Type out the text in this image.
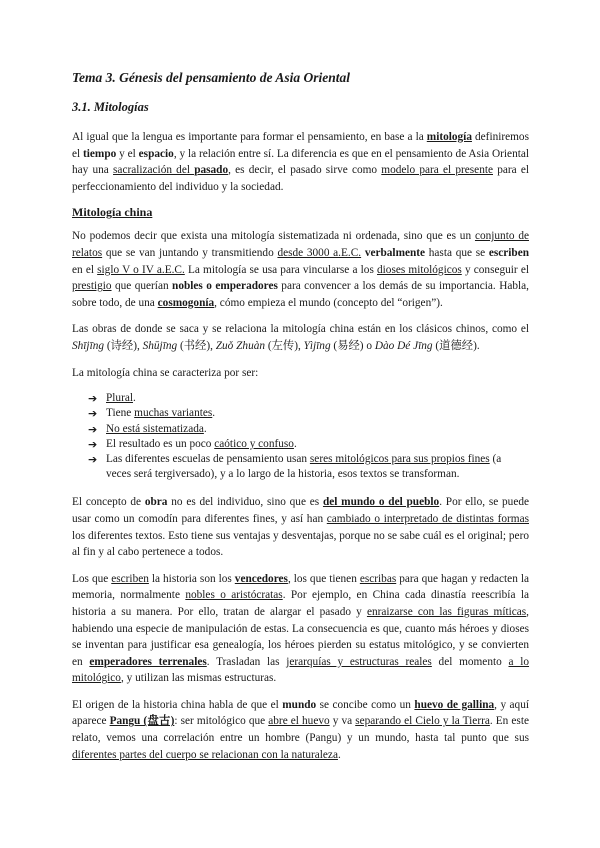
Tema 3. Génesis del pensamiento de Asia Oriental
3.1. Mitologías

Al igual que la lengua es importante para formar el pensamiento, en base a la mitología definiremos el tiempo y el espacio, y la relación entre sí. La diferencia es que en el pensamiento de Asia Oriental hay una sacralización del pasado, es decir, el pasado sirve como modelo para el presente para el perfeccionamiento del individuo y la sociedad.

Mitología china

No podemos decir que exista una mitología sistematizada ni ordenada, sino que es un conjunto de relatos que se van juntando y transmitiendo desde 3000 a.E.C. verbalmente hasta que se escriben en el siglo V o IV a.E.C. La mitología se usa para vincularse a los dioses mitológicos y conseguir el prestigio que querían nobles o emperadores para convencer a los demás de su importancia. Habla, sobre todo, de una cosmogonía, cómo empieza el mundo (concepto del “origen”).

Las obras de donde se saca y se relaciona la mitología china están en los clásicos chinos, como el Shījīng (诗经), Shūjīng (书经), Zuǒ Zhuàn (左传), Yìjīng (易经) o Dào Dé Jīng (道德经).

La mitología china se caracteriza por ser:

➔ Plural.
➔ Tiene muchas variantes.
➔ No está sistematizada.
➔ El resultado es un poco caótico y confuso.
➔ Las diferentes escuelas de pensamiento usan seres mitológicos para sus propios fines (a veces será tergiversado), y a lo largo de la historia, esos textos se transforman.

El concepto de obra no es del individuo, sino que es del mundo o del pueblo. Por ello, se puede usar como un comodín para diferentes fines, y así han cambiado o interpretado de distintas formas los diferentes textos. Esto tiene sus ventajas y desventajas, porque no se sabe cuál es el original; pero al fin y al cabo pertenece a todos.

Los que escriben la historia son los vencedores, los que tienen escribas para que hagan y redacten la memoria, normalmente nobles o aristócratas. Por ejemplo, en China cada dinastía reescribía la historia a su manera. Por ello, tratan de alargar el pasado y enraizarse con las figuras míticas, habiendo una especie de manipulación de estas. La consecuencia es que, cuanto más héroes y dioses se inventan para justificar esa genealogía, los héroes pierden su estatus mitológico, y se convierten en emperadores terrenales. Trasladan las jerarquías y estructuras reales del momento a lo mitológico, y utilizan las mismas estructuras.

El origen de la historia china habla de que el mundo se concibe como un huevo de gallina, y aquí aparece Pangu (盘古): ser mitológico que abre el huevo y va separando el Cielo y la Tierra. En este relato, vemos una correlación entre un hombre (Pangu) y un mundo, hasta tal punto que sus diferentes partes del cuerpo se relacionan con la naturaleza.
